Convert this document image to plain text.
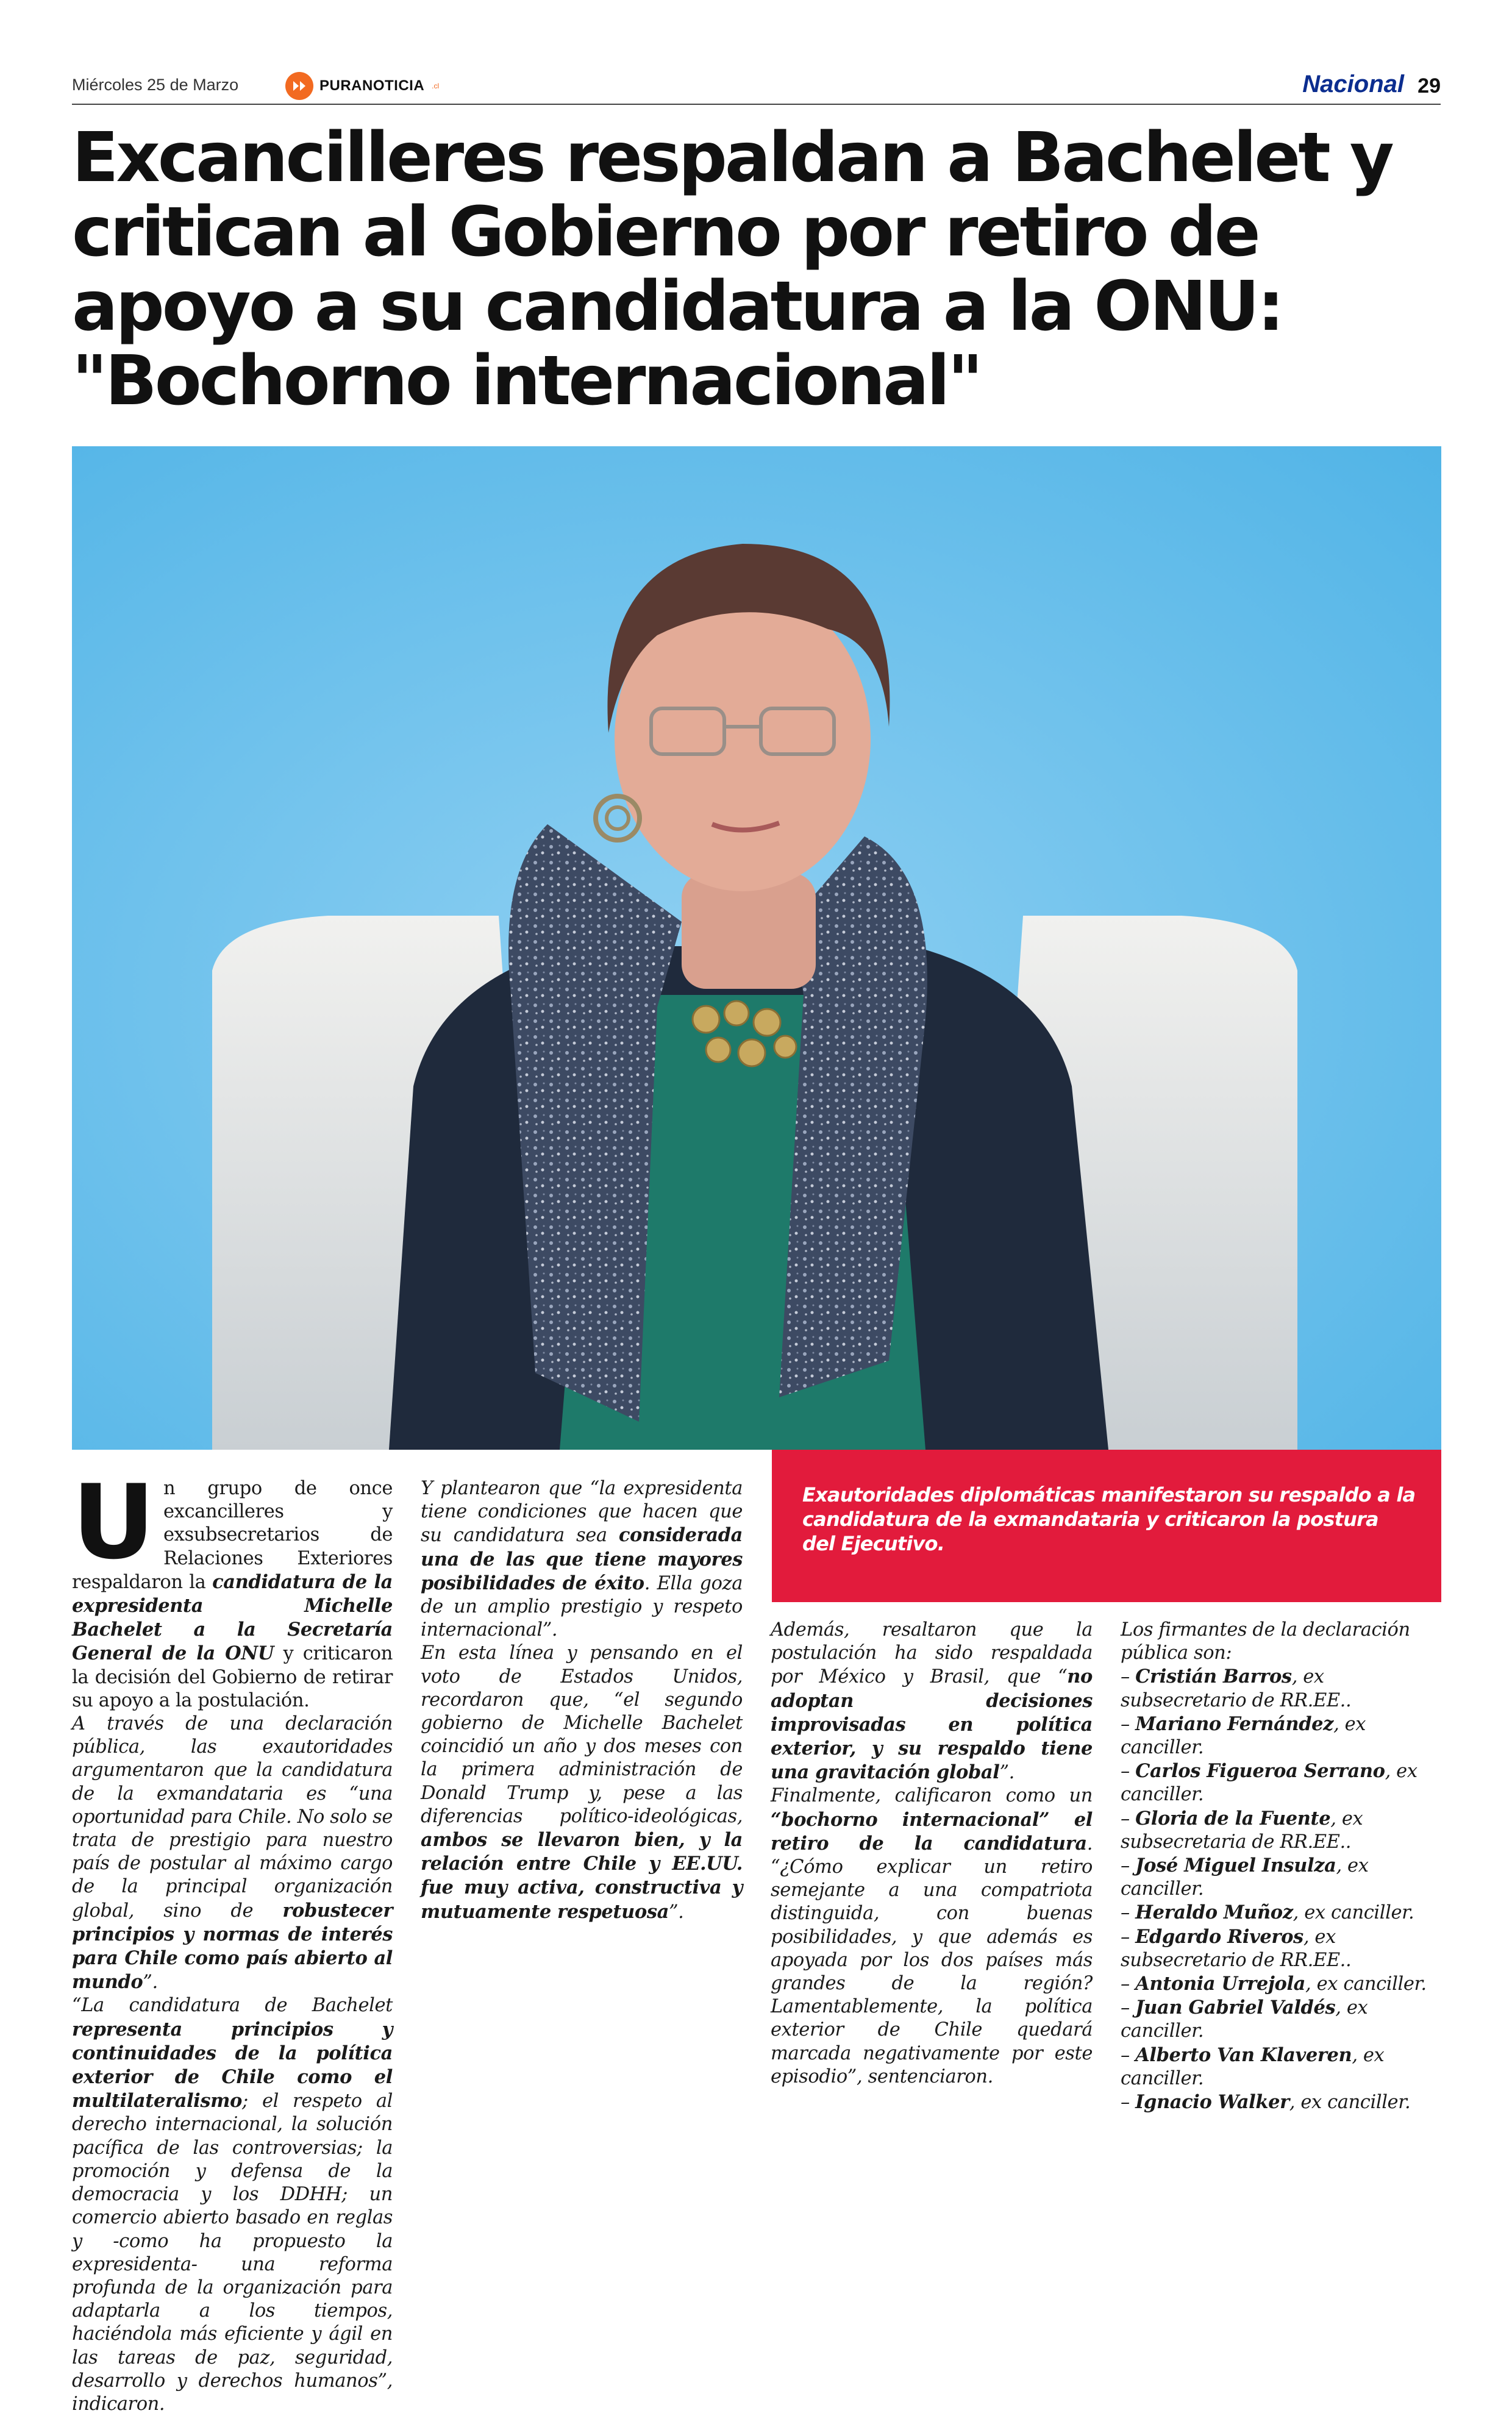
Miércoles 25 de Marzo	PURANOTICIA .cl	Nacional 29
Excancilleres respaldan a Bachelet y critican al Gobierno por retiro de apoyo a su candidatura a la ONU: "Bochorno internacional"
Exautoridades diplomáticas manifestaron su respaldo a la candidatura de la exmandataria y criticaron la postura del Ejecutivo.

Un grupo de once excancilleres y exsubsecretarios de Relaciones Exteriores respaldaron la candidatura de la expresidenta Michelle Bachelet a la Secretaría General de la ONU y criticaron la decisión del Gobierno de retirar su apoyo a la postulación.

A través de una declaración pública, las exautoridades argumentaron que la candidatura de la exmandataria es “una oportunidad para Chile. No solo se trata de prestigio para nuestro país de postular al máximo cargo de la principal organización global, sino de robustecer principios y normas de interés para Chile como país abierto al mundo”.

“La candidatura de Bachelet representa principios y continuidades de la política exterior de Chile como el multilateralismo; el respeto al derecho internacional, la solución pacífica de las controversias; la promoción y defensa de la democracia y los DDHH; un comercio abierto basado en reglas y -como ha propuesto la expresidenta- una reforma profunda de la organización para adaptarla a los tiempos, haciéndola más eficiente y ágil en las tareas de paz, seguridad, desarrollo y derechos humanos”, indicaron.

Y plantearon que “la expresidenta tiene condiciones que hacen que su candidatura sea considerada una de las que tiene mayores posibilidades de éxito. Ella goza de un amplio prestigio y respeto internacional”.

En esta línea y pensando en el voto de Estados Unidos, recordaron que, “el segundo gobierno de Michelle Bachelet coincidió un año y dos meses con la primera administración de Donald Trump y, pese a las diferencias político-ideológicas, ambos se llevaron bien, y la relación entre Chile y EE.UU. fue muy activa, constructiva y mutuamente respetuosa”.

Además, resaltaron que la postulación ha sido respaldada por México y Brasil, que “no adoptan decisiones improvisadas en política exterior, y su respaldo tiene una gravitación global”.

Finalmente, calificaron como un “bochorno internacional” el retiro de la candidatura. “¿Cómo explicar un retiro semejante a una compatriota distinguida, con buenas posibilidades, y que además es apoyada por los dos países más grandes de la región? Lamentablemente, la política exterior de Chile quedará marcada negativamente por este episodio”, sentenciaron.

Los firmantes de la declaración pública son:

– Cristián Barros, ex subsecretario de RR.EE..

– Mariano Fernández, ex canciller.

– Carlos Figueroa Serrano, ex canciller.

– Gloria de la Fuente, ex subsecretaria de RR.EE..

– José Miguel Insulza, ex canciller.

– Heraldo Muñoz, ex canciller.

– Edgardo Riveros, ex subsecretario de RR.EE..

– Antonia Urrejola, ex canciller.

– Juan Gabriel Valdés, ex canciller.

– Alberto Van Klaveren, ex canciller.

– Ignacio Walker, ex canciller.
